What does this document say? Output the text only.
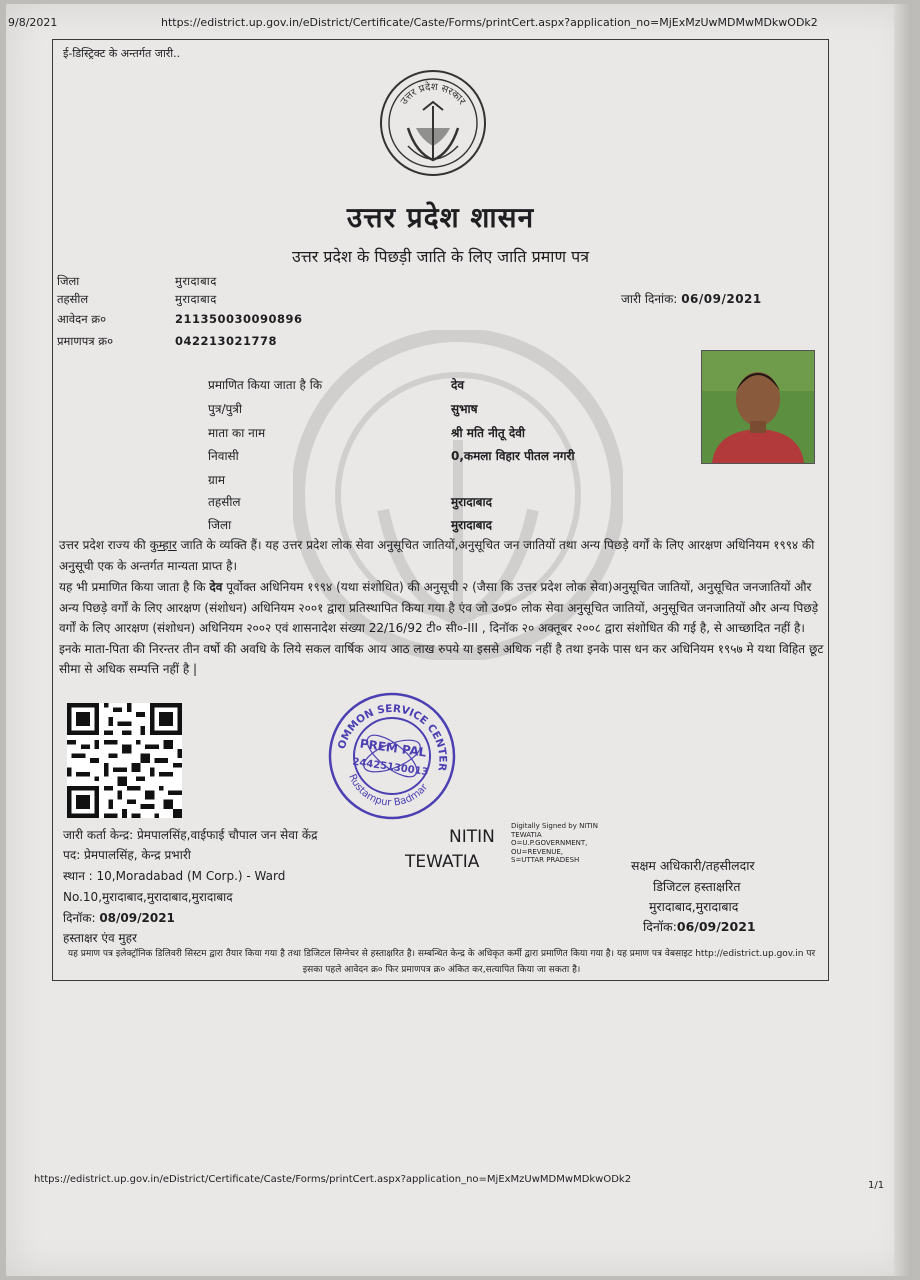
9/8/2021	https://edistrict.up.gov.in/eDistrict/Certificate/Caste/Forms/printCert.aspx?application_no=MjExMzUwMDMwMDkwODk2
ई-डिस्ट्रिक्ट के अन्तर्गत जारी..
उत्तर प्रदेश सरकार
उत्तर प्रदेश शासन
उत्तर प्रदेश के पिछड़ी जाति के लिए जाति प्रमाण पत्र
जिला	मुरादाबाद
तहसील	मुरादाबाद
आवेदन क्र०	211350030090896
प्रमाणपत्र क्र०	042213021778
जारी दिनांक: 06/09/2021
प्रमाणित किया जाता है कि	देव
पुत्र/पुत्री	सुभाष
माता का नाम	श्री मति नीतू देवी
निवासी	0,कमला विहार पीतल नगरी
ग्राम
तहसील	मुरादाबाद
जिला	मुरादाबाद
उत्तर प्रदेश राज्य की कुम्हार जाति के व्यक्ति हैं। यह उत्तर प्रदेश लोक सेवा अनुसूचित जातियों,अनुसूचित जन जातियों तथा अन्य पिछड़े वर्गों के लिए आरक्षण अधिनियम १९९४ की अनुसूची एक के अन्तर्गत मान्यता प्राप्त है।
यह भी प्रमाणित किया जाता है कि देव पूर्वोक्त अधिनियम १९९४ (यथा संशोधित) की अनुसूची २ (जैसा कि उत्तर प्रदेश लोक सेवा)अनुसूचित जातियों, अनुसूचित जनजातियों और अन्य पिछड़े वर्गों के लिए आरक्षण (संशोधन) अधिनियम २००१ द्वारा प्रतिस्थापित किया गया है एंव जो उ०प्र० लोक सेवा अनुसूचित जातियों, अनुसूचित जनजातियों और अन्य पिछड़े वर्गों के लिए आरक्षण (संशोधन) अधिनियम २००२ एवं शासनादेश संख्या 22/16/92 टी० सी०-III , दिनॉक २० अक्तूबर २००८ द्वारा संशोधित की गई है, से आच्छादित नहीं है।इनके माता-पिता की निरन्तर तीन वर्षो की अवधि के लिये सकल वार्षिक आय आठ लाख रुपये या इससे अधिक नहीं है तथा इनके पास धन कर अधिनियम १९५७ मे यथा विहित छूट सीमा से अधिक सम्पत्ति नहीं है |
COMMON SERVICE CENTER
Rustampur Badmar
PREM PAL
24425130013
NITIN
TEWATIA
Digitally Signed by NITIN
TEWATIA
O=U.P.GOVERNMENT,
OU=REVENUE,
S=UTTAR PRADESH
जारी कर्ता केन्द्र: प्रेमपालसिंह,वाईफाई चौपाल जन सेवा केंद्र
पद: प्रेमपालसिंह, केन्द्र प्रभारी
स्थान : 10,Moradabad (M Corp.) - Ward
No.10,मुरादाबाद,मुरादाबाद,मुरादाबाद
दिनॉक: 08/09/2021
हस्ताक्षर एंव मुहर
सक्षम अधिकारी/तहसीलदार
डिजिटल हस्ताक्षरित
मुरादाबाद,मुरादाबाद
दिनॉक:06/09/2021
यह प्रमाण पत्र इलेक्ट्रॉनिक डिलिवरी सिस्टम द्वारा तैयार किया गया है तथा डिजिटल सिग्नेचर से हस्ताक्षरित है। सम्बन्धित केन्द्र के अधिकृत कर्मी द्वारा प्रमाणित किया गया है। यह प्रमाण पत्र वेबसाइट http://edistrict.up.gov.in पर इसका पहले आवेदन क्र० फिर प्रमाणपत्र क्र० अंकित कर,सत्यापित किया जा सकता है।
https://edistrict.up.gov.in/eDistrict/Certificate/Caste/Forms/printCert.aspx?application_no=MjExMzUwMDMwMDkwODk2
1/1
